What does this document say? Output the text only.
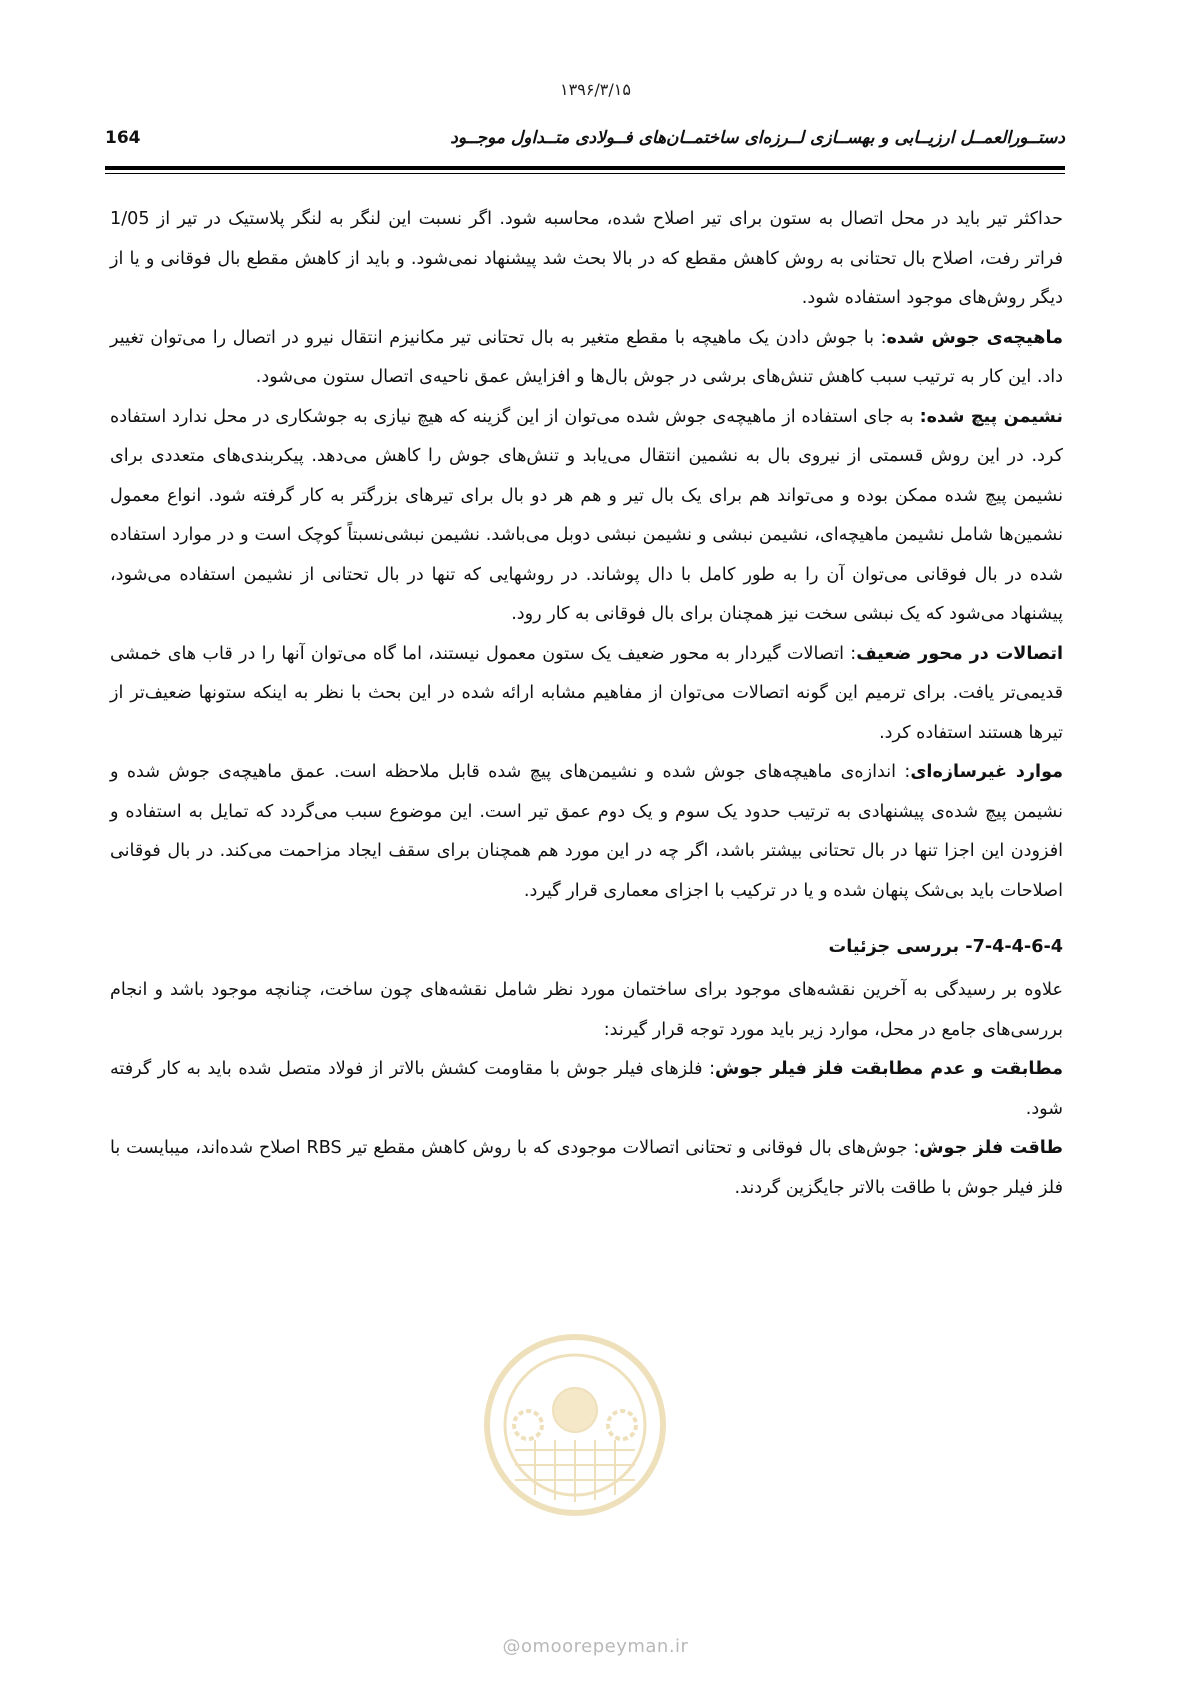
۱۳۹۶/۳/۱۵
164	دستــورالعمــل ارزیــابی و بهســازی لــرزه‌ای ساختمــان‌های فــولادی متــداول موجــود

حداکثر تیر باید در محل اتصال به ستون برای تیر اصلاح شده، محاسبه شود. اگر نسبت این لنگر به لنگر پلاستیک در تیر از 1/05 فراتر رفت، اصلاح بال تحتانی به روش کاهش مقطع که در بالا بحث شد پیشنهاد نمی‌شود. و باید از کاهش مقطع بال فوقانی و یا از دیگر روش‌های موجود استفاده شود.

ماهیچه‌ی جوش شده: با جوش دادن یک ماهیچه با مقطع متغیر به بال تحتانی تیر مکانیزم انتقال نیرو در اتصال را می‌توان تغییر داد. این کار به ترتیب سبب کاهش تنش‌های برشی در جوش بال‌ها و افزایش عمق ناحیه‌ی اتصال ستون می‌شود.

نشیمن پیچ شده: به جای استفاده از ماهیچه‌ی جوش شده می‌توان از این گزینه که هیچ نیازی به جوشکاری در محل ندارد استفاده کرد. در این روش قسمتی از نیروی بال به نشمین انتقال می‌یابد و تنش‌های جوش را کاهش می‌دهد. پیکربندی‌های متعددی برای نشیمن پیچ شده ممکن بوده و می‌تواند هم برای یک بال تیر و هم هر دو بال برای تیرهای بزرگتر به کار گرفته شود. انواع معمول نشمین‌ها شامل نشیمن ماهیچه‌ای، نشیمن نبشی و نشیمن نبشی دوبل می‌باشد. نشیمن نبشی‌نسبتاً کوچک است و در موارد استفاده شده در بال فوقانی می‌توان آن را به طور کامل با دال پوشاند. در روشهایی که تنها در بال تحتانی از نشیمن استفاده می‌شود، پیشنهاد می‌شود که یک نبشی سخت نیز همچنان برای بال فوقانی به کار رود.

اتصالات در محور ضعیف: اتصالات گیردار به محور ضعیف یک ستون معمول نیستند، اما گاه می‌توان آنها را در قاب های خمشی قدیمی‌تر یافت. برای ترمیم این گونه اتصالات می‌توان از مفاهیم مشابه ارائه شده در این بحث با نظر به اینکه ستونها ضعیف‌تر از تیرها هستند استفاده کرد.

موارد غیرسازه‌ای: اندازه‌ی ماهیچه‌های جوش شده و نشیمن‌های پیچ شده قابل ملاحظه است. عمق ماهیچه‌ی جوش شده و نشیمن پیچ شده‌ی پیشنهادی به ترتیب حدود یک سوم و یک دوم عمق تیر است. این موضوع سبب می‌گردد که تمایل به استفاده و افزودن این اجزا تنها در بال تحتانی بیشتر باشد، اگر چه در این مورد هم همچنان برای سقف ایجاد مزاحمت می‌کند. در بال فوقانی اصلاحات باید بی‌شک پنهان شده و یا در ترکیب با اجزای معماری قرار گیرد.

7-4-4-6-4- بررسی جزئیات

علاوه بر رسیدگی به آخرین نقشه‌های موجود برای ساختمان مورد نظر شامل نقشه‌های چون ساخت، چنانچه موجود باشد و انجام بررسی‌های جامع در محل، موارد زیر باید مورد توجه قرار گیرند:

مطابقت و عدم مطابقت فلز فیلر جوش: فلزهای فیلر جوش با مقاومت کشش بالاتر از فولاد متصل شده باید به کار گرفته شود.

طاقت فلز جوش: جوش‌های بال فوقانی و تحتانی اتصالات موجودی که با روش کاهش مقطع تیر RBS اصلاح شده‌اند، میبایست با فلز فیلر جوش با طاقت بالاتر جایگزین گردند.

@omoorepeyman.ir
